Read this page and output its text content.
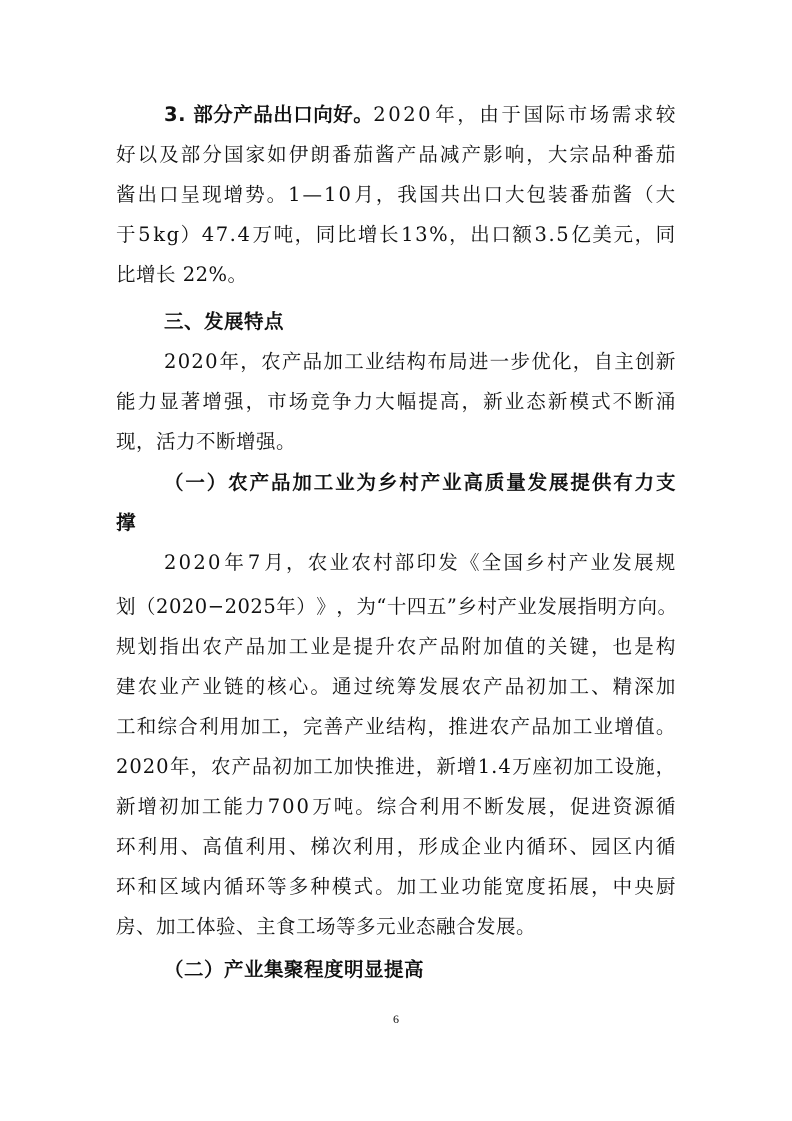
3. 部分产品出口向好。 2 0 2 0 年 ， 由 于 国 际 市 场 需 求 较
好 以 及 部 分 国 家 如 伊 朗 番 茄 酱 产 品 减 产 影 响 ， 大 宗 品 种 番 茄
酱 出 口 呈 现 增 势 。 1 — 1 0 月 ， 我 国 共 出 口 大 包 装 番 茄 酱 （ 大
于 5 k g ） 4 7 . 4 万 吨 ， 同 比 增 长 1 3 % ， 出 口 额 3 . 5 亿 美 元 ， 同
比增长 22%。
三、发展特点
2 0 2 0 年 ， 农 产 品 加 工 业 结 构 布 局 进 一 步 优 化 ， 自 主 创 新
能 力 显 著 增 强 ， 市 场 竞 争 力 大 幅 提 高 ， 新 业 态 新 模 式 不 断 涌
现，活力不断增强。
（ 一 ） 农 产 品 加 工 业 为 乡 村 产 业 高 质 量 发 展 提 供 有 力 支
撑
2 0 2 0 年 7 月 ， 农 业 农 村 部 印 发 《 全 国 乡 村 产 业 发 展 规
划 （ 2 0 2 0 − 2 0 2 5 年 ） 》 ， 为 “ 十 四 五 ” 乡 村 产 业 发 展 指 明 方 向 。
规 划 指 出 农 产 品 加 工 业 是 提 升 农 产 品 附 加 值 的 关 键 ， 也 是 构
建 农 业 产 业 链 的 核 心 。 通 过 统 筹 发 展 农 产 品 初 加 工 、 精 深 加
工 和 综 合 利 用 加 工 ， 完 善 产 业 结 构 ， 推 进 农 产 品 加 工 业 增 值 。
2 0 2 0 年 ， 农 产 品 初 加 工 加 快 推 进 ， 新 增 1 . 4 万 座 初 加 工 设 施 ，
新 增 初 加 工 能 力 7 0 0 万 吨 。 综 合 利 用 不 断 发 展 ， 促 进 资 源 循
环 利 用 、 高 值 利 用 、 梯 次 利 用 ， 形 成 企 业 内 循 环 、 园 区 内 循
环 和 区 域 内 循 环 等 多 种 模 式 。 加 工 业 功 能 宽 度 拓 展 ， 中 央 厨
房、加工体验、主食工场等多元业态融合发展。
（二）产业集聚程度明显提高
6
